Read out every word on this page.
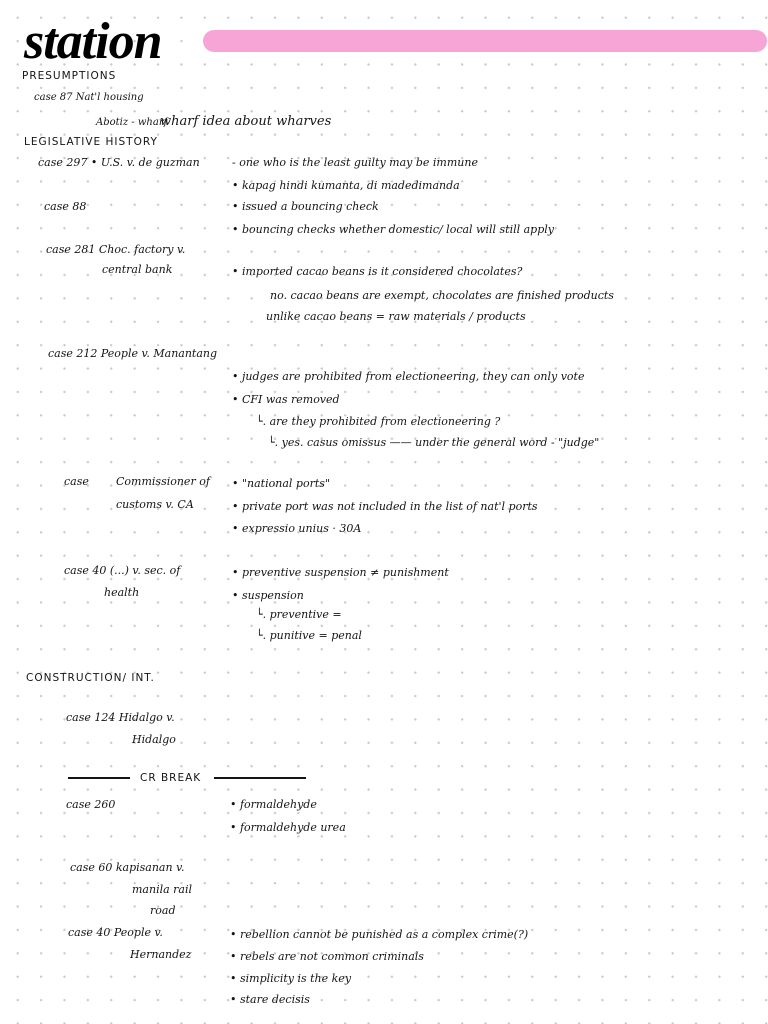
station
PRESUMPTIONS
case 87 Nat'l housing
Abotiz - wharf
wharf idea about wharves
LEGISLATIVE HISTORY
case 297 • U.S. v. de guzman	- one who is the least guilty may be immune
• kapag hindi kumanta, di madedimanda
case 88	• issued a bouncing check
• bouncing checks whether domestic/ local will still apply
case 281 Choc. factory v.
central bank	• imported cacao beans is it considered chocolates?
no. cacao beans are exempt, chocolates are finished products
unlike cacao beans = raw materials / products
case 212 People v. Manantang
• judges are prohibited from electioneering, they can only vote
• CFI was removed
└. are they prohibited from electioneering ?
└. yes. casus omissus —— under the general word - "judge"
case Commissioner of
customs v. CA
• "national ports"
• private port was not included in the list of nat'l ports
• expressio unius · 30A
case 40 (...) v. sec. of
health
• preventive suspension ≠ punishment
• suspension
└. preventive =
└. punitive = penal
CONSTRUCTION/ INT.
case 124 Hidalgo v.
Hidalgo
CR BREAK
case 260	• formaldehyde
• formaldehyde urea
case 60 kapisanan v.
manila rail
road
case 40 People v.
Hernandez
• rebellion cannot be punished as a complex crime(?)
• rebels are not common criminals
• simplicity is the key
• stare decisis
